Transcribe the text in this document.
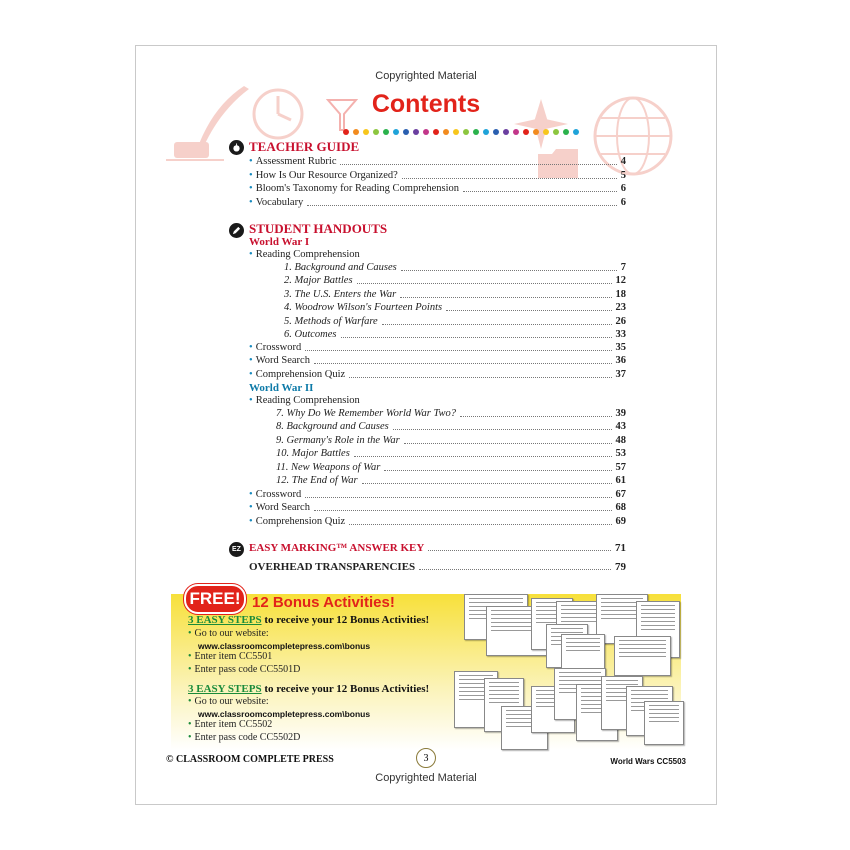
Copyrighted Material
Contents
TEACHER GUIDE
• Assessment Rubric	4
• How Is Our Resource Organized?	5
• Bloom's Taxonomy for Reading Comprehension	6
• Vocabulary	6
STUDENT HANDOUTS
World War I
World War II
• Reading Comprehension
1. Background and Causes	7
2. Major Battles	12
3. The U.S. Enters the War	18
4. Woodrow Wilson's Fourteen Points	23
5. Methods of Warfare	26
6. Outcomes	33
• Crossword	35
• Word Search	36
• Comprehension Quiz	37
• Reading Comprehension
7. Why Do We Remember World War Two?	39
8. Background and Causes	43
9. Germany's Role in the War	48
10. Major Battles	53
11. New Weapons of War	57
12. The End of War	61
• Crossword	67
• Word Search	68
• Comprehension Quiz	69
EZ EASY MARKING™ ANSWER KEY	71
OVERHEAD TRANSPARENCIES	79
FREE! 12 Bonus Activities!
3 EASY STEPS to receive your 12 Bonus Activities!
• Go to our website:
www.classroomcompletepress.com\bonus
• Enter item CC5501
• Enter pass code CC5501D
3 EASY STEPS to receive your 12 Bonus Activities!
• Go to our website:
www.classroomcompletepress.com\bonus
• Enter item CC5502
• Enter pass code CC5502D
© CLASSROOM COMPLETE PRESS	3	World Wars CC5503
Copyrighted Material
